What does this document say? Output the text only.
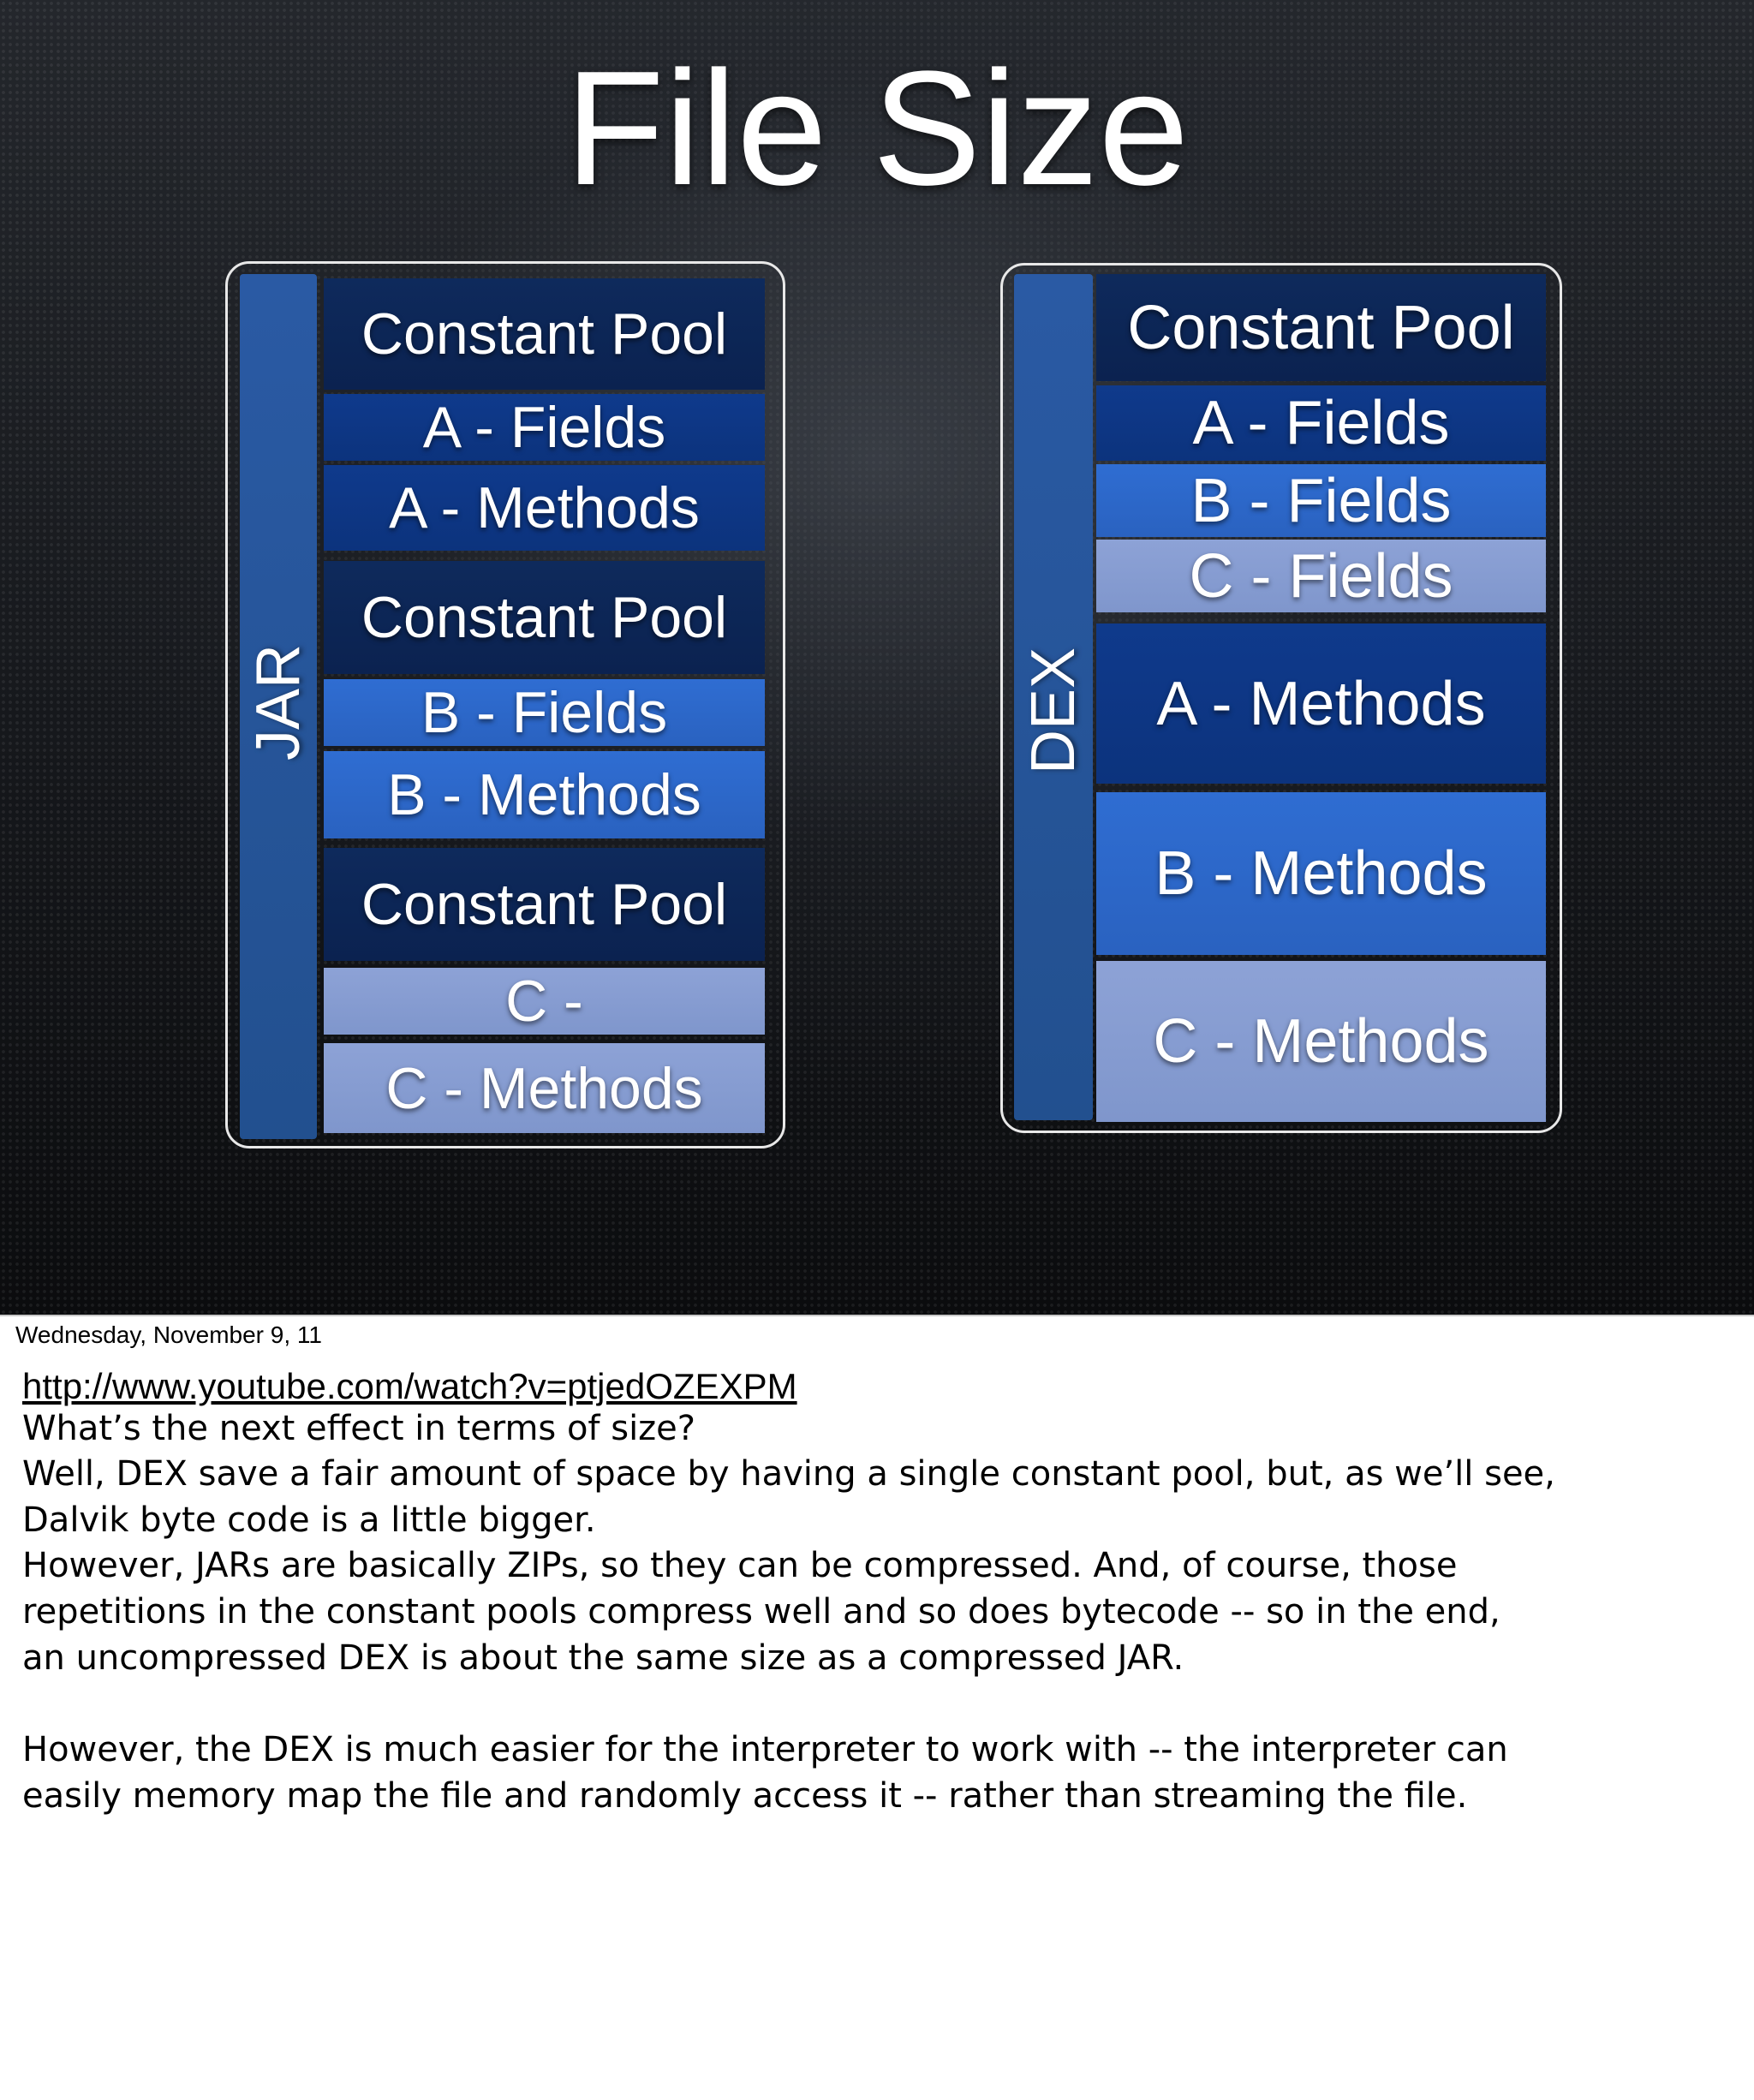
File Size
JAR
Constant Pool
A - Fields
A - Methods
Constant Pool
B - Fields
B - Methods
Constant Pool
C -
C - Methods
DEX
Constant Pool
A - Fields
B - Fields
C - Fields
A - Methods
B - Methods
C - Methods
Wednesday, November 9, 11
http://www.youtube.com/watch?v=ptjedOZEXPM
What’s the next effect in terms of size?
Well, DEX save a fair amount of space by having a single constant pool, but, as we’ll see,
Dalvik byte code is a little bigger.
However, JARs are basically ZIPs, so they can be compressed. And, of course, those
repetitions in the constant pools compress well and so does bytecode -- so in the end,
an uncompressed DEX is about the same size as a compressed JAR.
However, the DEX is much easier for the interpreter to work with -- the interpreter can
easily memory map the file and randomly access it -- rather than streaming the file.
